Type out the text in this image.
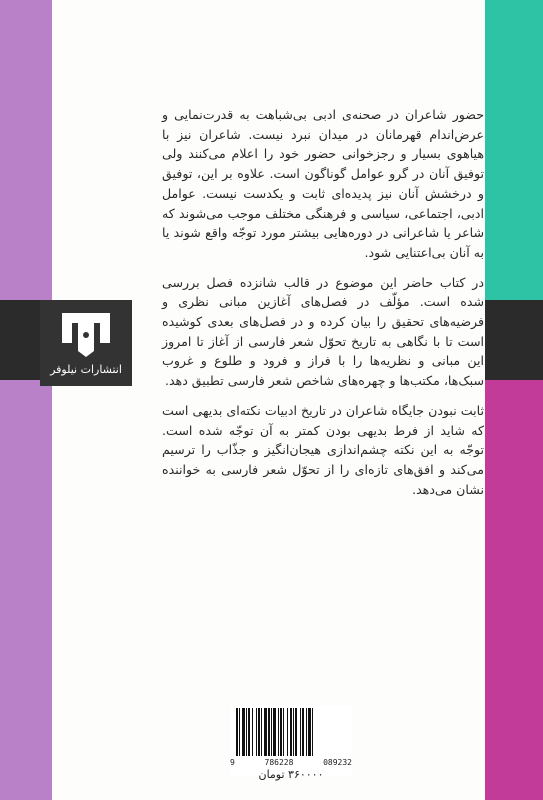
انتشارات نیلوفر

حضور شاعران در صحنه‌ی ادبی بی‌شباهت به قدرت‌نمایی و عرض‌اندام قهرمانان در میدان نبرد نیست. شاعران نیز با هیاهوی بسیار و رجزخوانی حضور خود را اعلام می‌کنند ولی توفیق آنان در گرو عوامل گوناگون است. علاوه بر این، توفیق و درخشش آنان نیز پدیده‌ای ثابت و یکدست نیست. عوامل ادبی، اجتماعی، سیاسی و فرهنگی مختلف موجب می‌شوند که شاعر یا شاعرانی در دوره‌هایی بیشتر مورد توجّه واقع شوند یا به آنان بی‌اعتنایی شود.

در کتاب حاضر این موضوع در قالب شانزده فصل بررسی شده است. مؤلّف در فصل‌های آغازین مبانی نظری و فرضیه‌های تحقیق را بیان کرده و در فصل‌های بعدی کوشیده است تا با نگاهی به تاریخ تحوّل شعر فارسی از آغاز تا امروز این مبانی و نظریه‌ها را با فراز و فرود و طلوع و غروب سبک‌ها، مکتب‌ها و چهره‌های شاخص شعر فارسی تطبیق دهد.

ثابت نبودن جایگاه شاعران در تاریخ ادبیات نکته‌ای بدیهی است که شاید از فرط بدیهی بودن کمتر به آن توجّه شده است. توجّه به این نکته چشم‌اندازی هیجان‌انگیز و جذّاب را ترسیم می‌کند و افق‌های تازه‌ای را از تحوّل شعر فارسی به خواننده نشان می‌دهد.

9	786228	089232
۳۶۰۰۰۰ تومان
